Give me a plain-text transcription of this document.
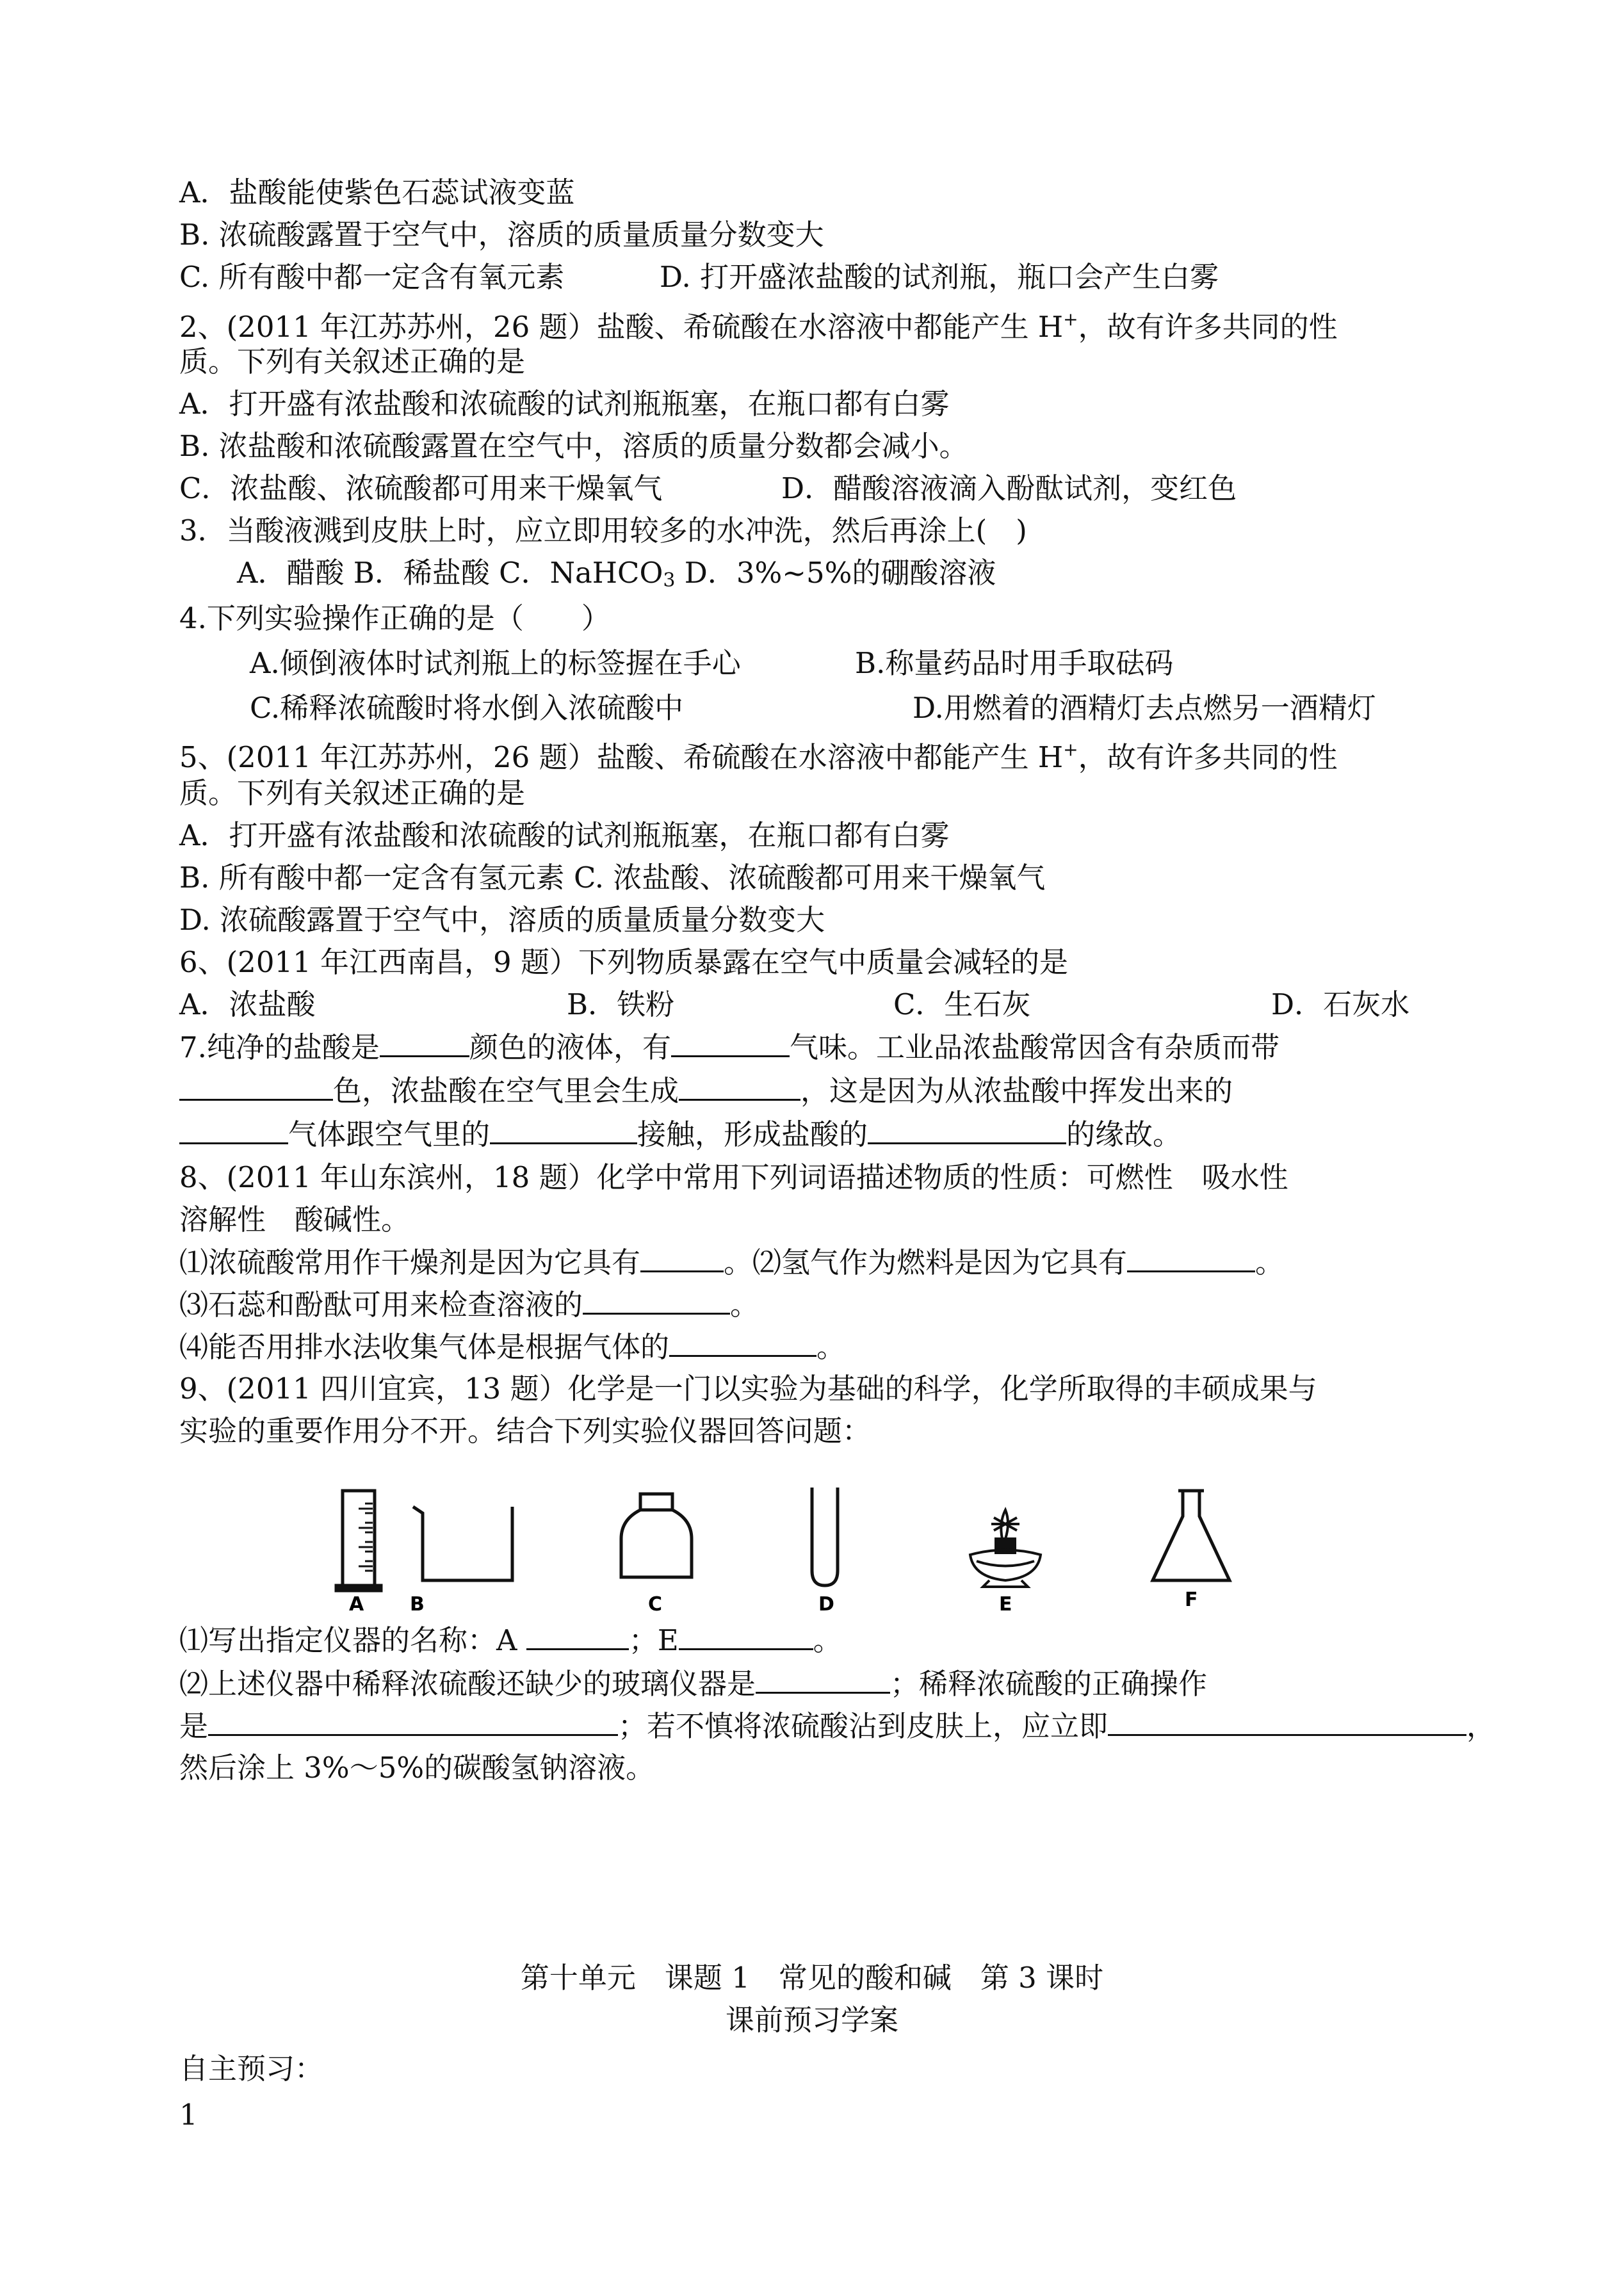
A．盐酸能使紫色石蕊试液变蓝
B. 浓硫酸露置于空气中，溶质的质量质量分数变大
C. 所有酸中都一定含有氧元素	D. 打开盛浓盐酸的试剂瓶，瓶口会产生白雾
2、(2011 年江苏苏州，26 题）盐酸、希硫酸在水溶液中都能产生 H+，故有许多共同的性
质。下列有关叙述正确的是
A．打开盛有浓盐酸和浓硫酸的试剂瓶瓶塞，在瓶口都有白雾
B. 浓盐酸和浓硫酸露置在空气中，溶质的质量分数都会减小。
C．浓盐酸、浓硫酸都可用来干燥氧气	D．醋酸溶液滴入酚酞试剂，变红色
3．当酸液溅到皮肤上时，应立即用较多的水冲洗，然后再涂上(　)
A．醋酸 B．稀盐酸 C．NaHCO$_3$ D．3%~5%的硼酸溶液
4.下列实验操作正确的是（　　）
A.倾倒液体时试剂瓶上的标签握在手心	B.称量药品时用手取砝码
C.稀释浓硫酸时将水倒入浓硫酸中	D.用燃着的酒精灯去点燃另一酒精灯
5、(2011 年江苏苏州，26 题）盐酸、希硫酸在水溶液中都能产生 H+，故有许多共同的性
质。下列有关叙述正确的是
A．打开盛有浓盐酸和浓硫酸的试剂瓶瓶塞，在瓶口都有白雾
B. 所有酸中都一定含有氢元素 C. 浓盐酸、浓硫酸都可用来干燥氧气
D. 浓硫酸露置于空气中，溶质的质量质量分数变大
6、(2011 年江西南昌，9 题）下列物质暴露在空气中质量会减轻的是
A．浓盐酸	B．铁粉	C．生石灰	D．石灰水
7.纯净的盐酸是	颜色的液体，有	气味。工业品浓盐酸常因含有杂质而带
色，浓盐酸在空气里会生成	，这是因为从浓盐酸中挥发出来的
气体跟空气里的	接触，形成盐酸的	的缘故。
8、(2011 年山东滨州，18 题）化学中常用下列词语描述物质的性质：可燃性　吸水性
溶解性　酸碱性。
⑴浓硫酸常用作干燥剂是因为它具有	。⑵氢气作为燃料是因为它具有	。
⑶石蕊和酚酞可用来检查溶液的	。
⑷能否用排水法收集气体是根据气体的	。
9、(2011 四川宜宾，13 题）化学是一门以实验为基础的科学，化学所取得的丰硕成果与
实验的重要作用分不开。结合下列实验仪器回答问题：
A B	C	D	E	F
⑴写出指定仪器的名称：A	；E	。
⑵上述仪器中稀释浓硫酸还缺少的玻璃仪器是	；稀释浓硫酸的正确操作
是	；若不慎将浓硫酸沾到皮肤上，应立即	，
然后涂上 3%～5%的碳酸氢钠溶液。
第十单元　课题 1　常见的酸和碱　第 3 课时
课前预习学案
自主预习：
1
